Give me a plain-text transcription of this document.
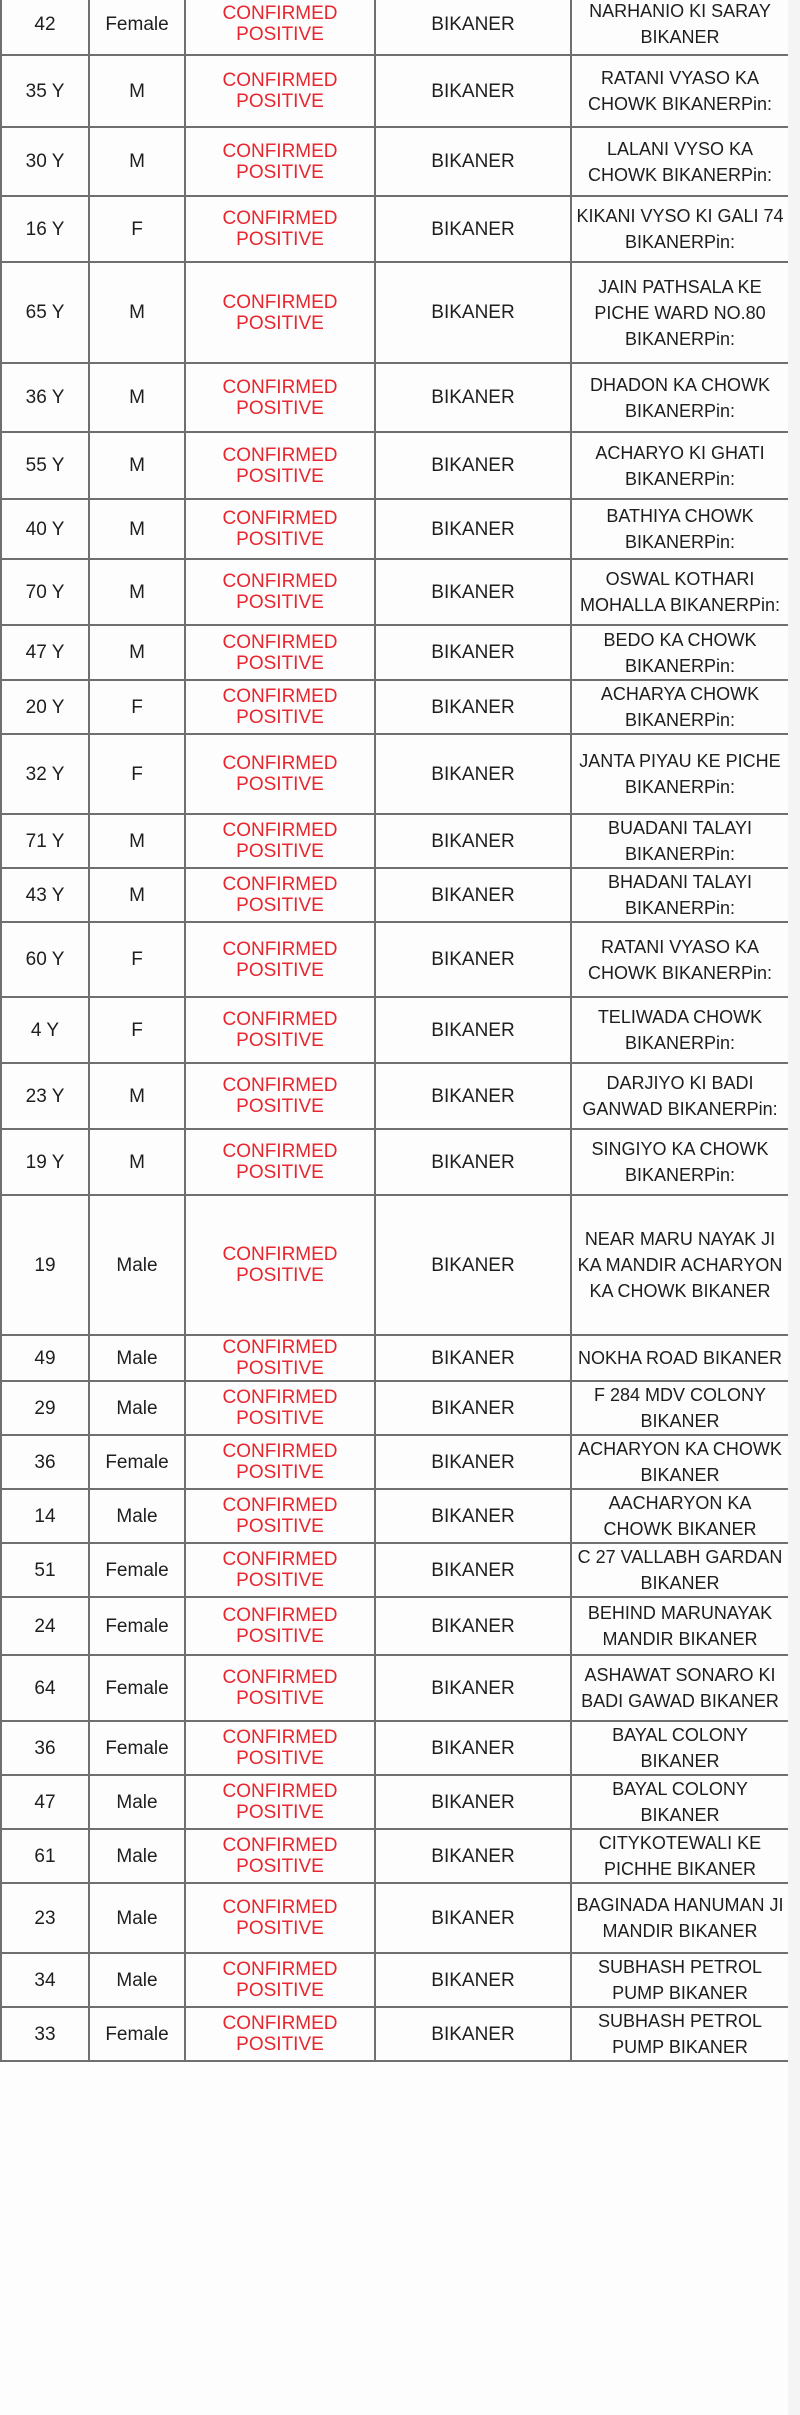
42	Female	CONFIRMED POSITIVE	BIKANER	NARHANIO KI SARAY BIKANER
35 Y	M	CONFIRMED POSITIVE	BIKANER	RATANI VYASO KA CHOWK BIKANERPin:
30 Y	M	CONFIRMED POSITIVE	BIKANER	LALANI VYSO KA CHOWK BIKANERPin:
16 Y	F	CONFIRMED POSITIVE	BIKANER	KIKANI VYSO KI GALI 74 BIKANERPin:
65 Y	M	CONFIRMED POSITIVE	BIKANER	JAIN PATHSALA KE PICHE WARD NO.80 BIKANERPin:
36 Y	M	CONFIRMED POSITIVE	BIKANER	DHADON KA CHOWK BIKANERPin:
55 Y	M	CONFIRMED POSITIVE	BIKANER	ACHARYO KI GHATI BIKANERPin:
40 Y	M	CONFIRMED POSITIVE	BIKANER	BATHIYA CHOWK BIKANERPin:
70 Y	M	CONFIRMED POSITIVE	BIKANER	OSWAL KOTHARI MOHALLA BIKANERPin:
47 Y	M	CONFIRMED POSITIVE	BIKANER	BEDO KA CHOWK BIKANERPin:
20 Y	F	CONFIRMED POSITIVE	BIKANER	ACHARYA CHOWK BIKANERPin:
32 Y	F	CONFIRMED POSITIVE	BIKANER	JANTA PIYAU KE PICHE BIKANERPin:
71 Y	M	CONFIRMED POSITIVE	BIKANER	BUADANI TALAYI BIKANERPin:
43 Y	M	CONFIRMED POSITIVE	BIKANER	BHADANI TALAYI BIKANERPin:
60 Y	F	CONFIRMED POSITIVE	BIKANER	RATANI VYASO KA CHOWK BIKANERPin:
4 Y	F	CONFIRMED POSITIVE	BIKANER	TELIWADA CHOWK BIKANERPin:
23 Y	M	CONFIRMED POSITIVE	BIKANER	DARJIYO KI BADI GANWAD BIKANERPin:
19 Y	M	CONFIRMED POSITIVE	BIKANER	SINGIYO KA CHOWK BIKANERPin:
19	Male	CONFIRMED POSITIVE	BIKANER	NEAR MARU NAYAK JI KA MANDIR ACHARYON KA CHOWK BIKANER
49	Male	CONFIRMED POSITIVE	BIKANER	NOKHA ROAD BIKANER
29	Male	CONFIRMED POSITIVE	BIKANER	F 284 MDV COLONY BIKANER
36	Female	CONFIRMED POSITIVE	BIKANER	ACHARYON KA CHOWK BIKANER
14	Male	CONFIRMED POSITIVE	BIKANER	AACHARYON KA CHOWK BIKANER
51	Female	CONFIRMED POSITIVE	BIKANER	C 27 VALLABH GARDAN BIKANER
24	Female	CONFIRMED POSITIVE	BIKANER	BEHIND MARUNAYAK MANDIR BIKANER
64	Female	CONFIRMED POSITIVE	BIKANER	ASHAWAT SONARO KI BADI GAWAD BIKANER
36	Female	CONFIRMED POSITIVE	BIKANER	BAYAL COLONY BIKANER
47	Male	CONFIRMED POSITIVE	BIKANER	BAYAL COLONY BIKANER
61	Male	CONFIRMED POSITIVE	BIKANER	CITYKOTEWALI KE PICHHE BIKANER
23	Male	CONFIRMED POSITIVE	BIKANER	BAGINADA HANUMAN JI MANDIR BIKANER
34	Male	CONFIRMED POSITIVE	BIKANER	SUBHASH PETROL PUMP BIKANER
33	Female	CONFIRMED POSITIVE	BIKANER	SUBHASH PETROL PUMP BIKANER
